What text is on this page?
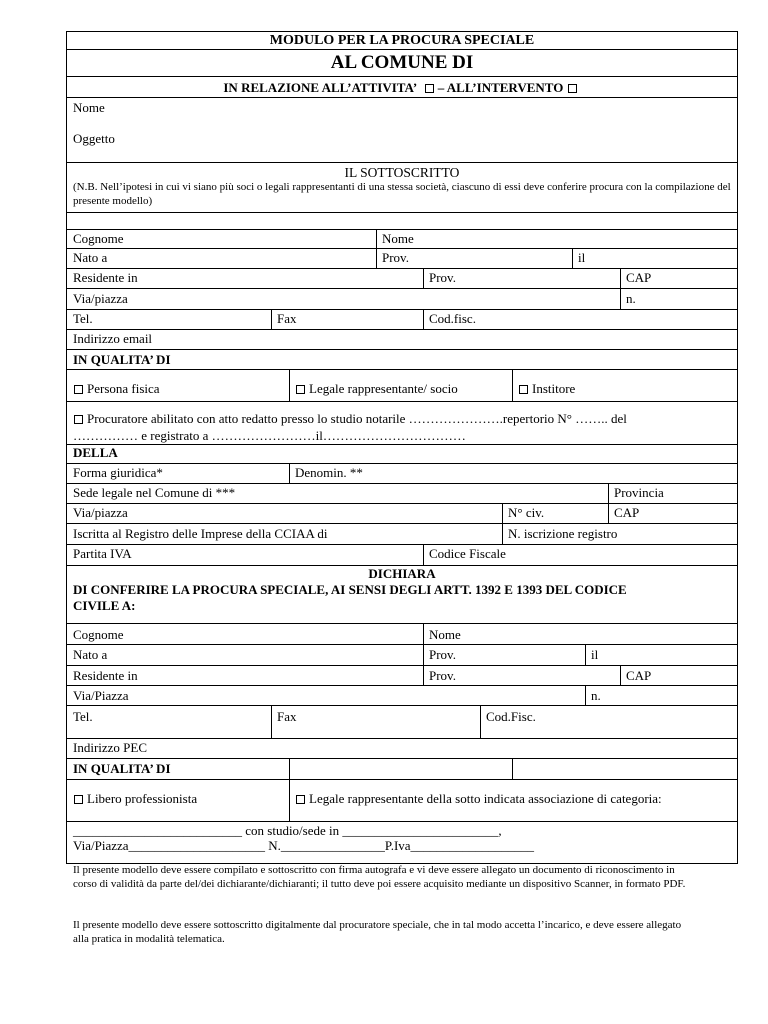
MODULO PER LA PROCURA SPECIALE
AL COMUNE DI
IN RELAZIONE ALL’ATTIVITA’ – ALL’INTERVENTO
Nome
Oggetto
IL SOTTOSCRITTO
(N.B. Nell’ipotesi in cui vi siano più soci o legali rappresentanti di una stessa società, ciascuno di essi deve conferire procura con la compilazione del presente modello)
Cognome	Nome
Nato a	Prov.	il
Residente in	Prov.	CAP
Via/piazza	n.
Tel.	Fax	Cod.fisc.
Indirizzo email
IN QUALITA’ DI
Persona fisica	Legale rappresentante/ socio	Institore
Procuratore abilitato con atto redatto presso lo studio notarile ………………….repertorio N° …….. del
…………… e registrato a ……………………il……………………………
DELLA
Forma giuridica*	Denomin. **
Sede legale nel Comune di ***	Provincia
Via/piazza	N° civ.	CAP
Iscritta al Registro delle Imprese della CCIAA di	N. iscrizione registro
Partita IVA	Codice Fiscale
DICHIARA
DI CONFERIRE LA PROCURA SPECIALE, AI SENSI DEGLI ARTT. 1392 E 1393 DEL CODICE
CIVILE A:
Cognome	Nome
Nato a	Prov.	il
Residente in	Prov.	CAP
Via/Piazza	n.
Tel.	Fax	Cod.Fisc.
Indirizzo PEC
IN QUALITA’ DI
Libero professionista	Legale rappresentante della sotto indicata associazione di categoria:
__________________________ con studio/sede in ________________________,
Via/Piazza_____________________ N.________________P.Iva___________________
Il presente modello deve essere compilato e sottoscritto con firma autografa e vi deve essere allegato un documento di riconoscimento in corso di validità da parte del/dei dichiarante/dichiaranti; il tutto deve poi essere acquisito mediante un dispositivo Scanner, in formato PDF.
Il presente modello deve essere sottoscritto digitalmente dal procuratore speciale, che in tal modo accetta l’incarico, e deve essere allegato alla pratica in modalità telematica.
